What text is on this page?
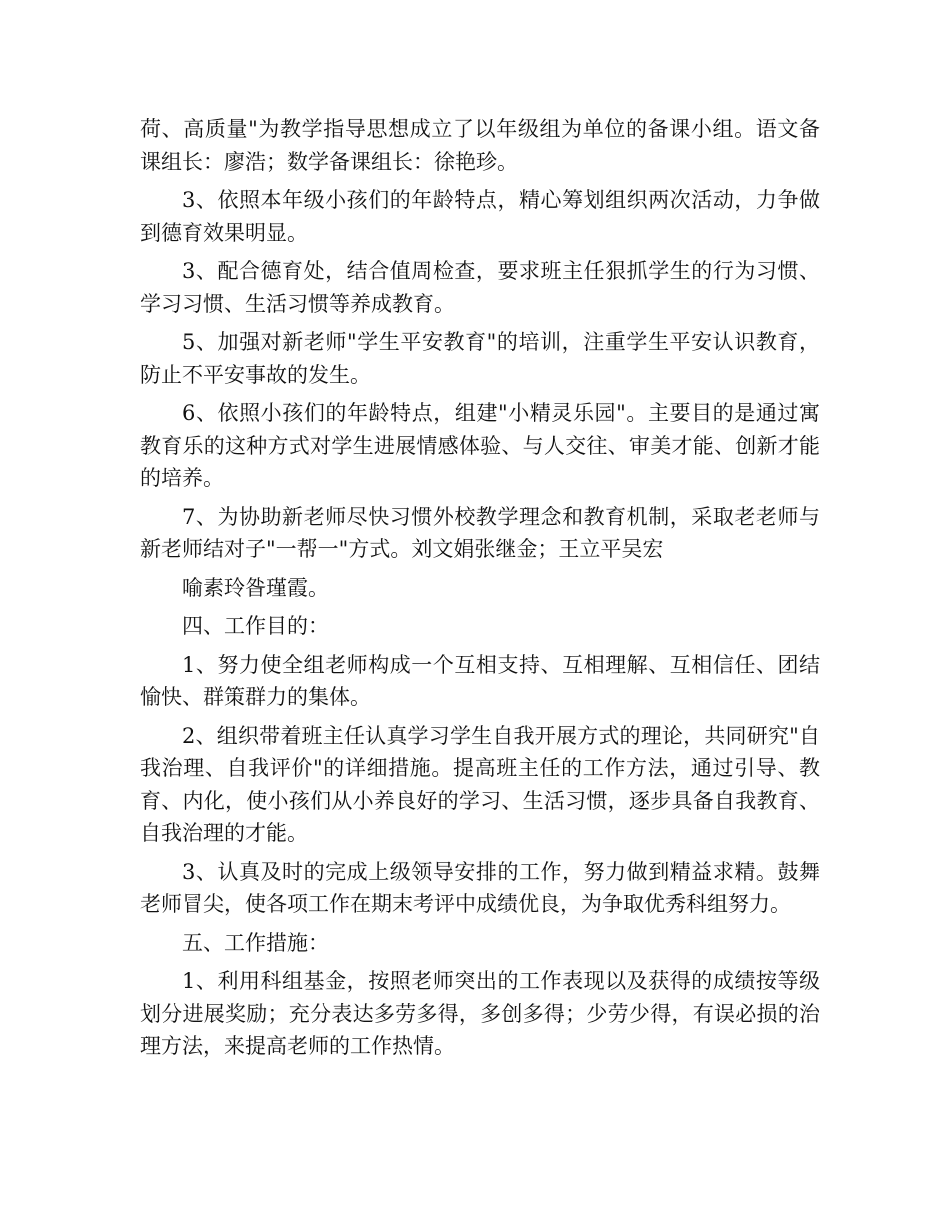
荷、高质量"为教学指导思想成立了以年级组为单位的备课小组。语文备课组长：廖浩；数学备课组长：徐艳珍。

3、依照本年级小孩们的年龄特点，精心筹划组织两次活动，力争做到德育效果明显。

3、配合德育处，结合值周检查，要求班主任狠抓学生的行为习惯、学习习惯、生活习惯等养成教育。

5、加强对新老师"学生平安教育"的培训，注重学生平安认识教育，防止不平安事故的发生。

6、依照小孩们的年龄特点，组建"小精灵乐园"。主要目的是通过寓教育乐的这种方式对学生进展情感体验、与人交往、审美才能、创新才能的培养。

7、为协助新老师尽快习惯外校教学理念和教育机制，采取老老师与新老师结对子"一帮一"方式。刘文娟张继金；王立平吴宏

喻素玲昝瑾霞。

四、工作目的：

1、努力使全组老师构成一个互相支持、互相理解、互相信任、团结愉快、群策群力的集体。

2、组织带着班主任认真学习学生自我开展方式的理论，共同研究"自我治理、自我评价"的详细措施。提高班主任的工作方法，通过引导、教育、内化，使小孩们从小养良好的学习、生活习惯，逐步具备自我教育、自我治理的才能。

3、认真及时的完成上级领导安排的工作，努力做到精益求精。鼓舞老师冒尖，使各项工作在期末考评中成绩优良，为争取优秀科组努力。

五、工作措施：

1、利用科组基金，按照老师突出的工作表现以及获得的成绩按等级划分进展奖励；充分表达多劳多得，多创多得；少劳少得，有误必损的治理方法，来提高老师的工作热情。
